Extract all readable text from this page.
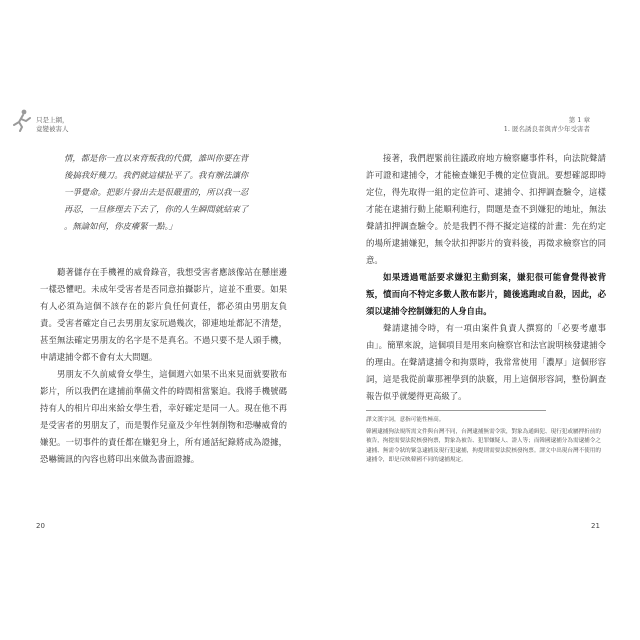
只是上網，
竟變被害人
第 1 章
1. 匿名誘良者與青少年受害者
情，都是你一直以來背叛我的代價，誰叫你要在背
後搞我好幾刀。我們就這樣扯平了。我有辦法讓你
一爭覺命。把影片發出去是很嚴重的，所以我一忍
再忍，一旦修理去下去了，你的人生瞬間就結束了
。無論如何，你皮癢緊一點。」

聽著儲存在手機裡的威脅錄音，我想受害者應該像站在懸崖邊一樣恐懼吧。未成年受害者是否同意拍攝影片，這並不重要。如果有人必須為這個不該存在的影片負任何責任，都必須由男朋友負責。受害者確定自己去男朋友家玩過幾次，卻連地址都記不清楚，甚至無法確定男朋友的名字是不是真名。不過只要不是人頭手機，申請逮捕令都不會有太大問題。

男朋友不久前威脅女學生，這個週六如果不出來見面就要散布影片，所以我們在逮捕前準備文件的時間相當緊迫。我將手機號碼持有人的相片印出來給女學生看，幸好確定是同一人。現在他不再是受害者的男朋友了，而是製作兒童及少年性剝削物和恐嚇威脅的嫌犯。一切事件的責任都在嫌犯身上，所有通話紀錄將成為證據，恐嚇簡訊的內容也將印出來做為書面證據。

接著，我們趕緊前往議政府地方檢察廳事件科，向法院聲請許可證和逮捕令，才能檢查嫌犯手機的定位資訊。要想確認即時定位，得先取得一組的定位許可、逮捕令、扣押調查驗令，這樣才能在逮捕行動上能順利進行，問題是查不到嫌犯的地址，無法聲請扣押調查驗令。於是我們不得不擬定這樣的計畫：先在約定的場所逮捕嫌犯，無令狀扣押影片的資料後，再徵求檢察官的同意。

如果透過電話要求嫌犯主動到案，嫌犯很可能會覺得被背叛，憤而向不特定多數人散布影片，隨後逃跑或自殺，因此，必須以逮捕令控制嫌犯的人身自由。

聲請逮捕令時，有一項由案件負責人撰寫的「必要考慮事由」。簡單來說，這個項目是用來向檢察官和法官說明核發逮捕令的理由。在聲請逮捕令和拘票時，我常常使用「濃厚」這個形容詞，這是我從前輩那裡學到的訣竅，用上這個形容詞，整份調查報告似乎就變得更高級了。

譯文漢字詞，意指可能性極高。
韓國逮捕狗法規所需文件與台灣不同，台灣逮捕無需令狀，對象為通緝犯、現行犯或屬押折前的被告，拘提需要法院核發拘票，對象為被告、犯罪嫌疑人、證人等；而韓國逮捕分為需逮捕令之逮捕、無需令狀的緊急逮捕及現行犯逮捕，拘提則需要法院核發拘票。譯文中出現台灣不使用的逮捕令，即是反映韓國不同的逮捕規定。
20	21
